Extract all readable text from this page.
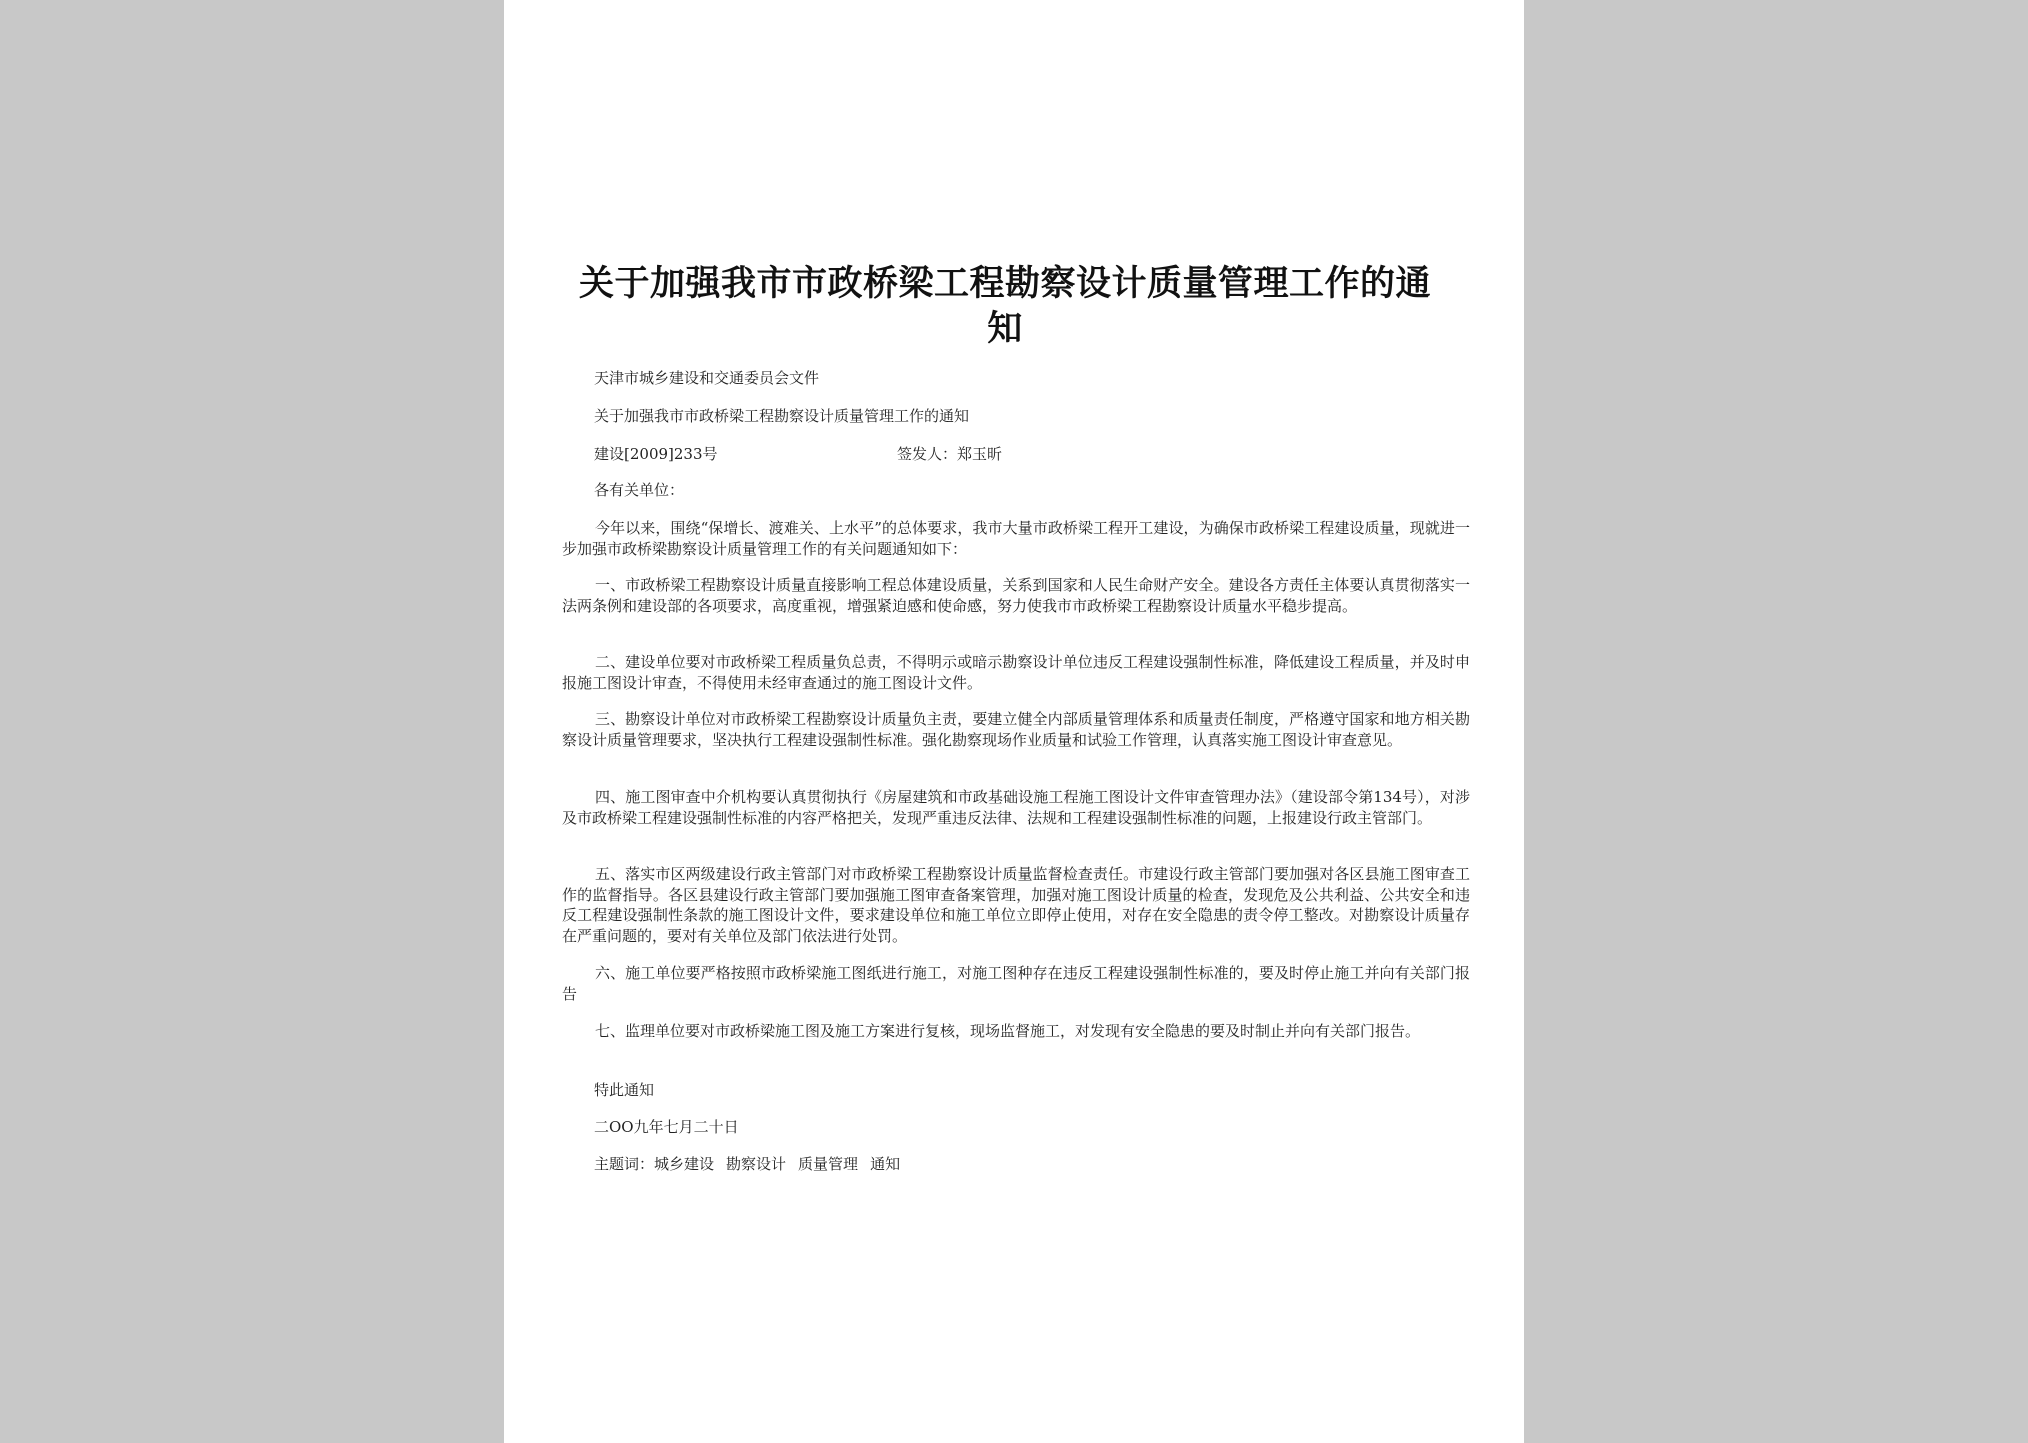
关于加强我市市政桥梁工程勘察设计质量管理工作的通知

天津市城乡建设和交通委员会文件

关于加强我市市政桥梁工程勘察设计质量管理工作的通知

建设[2009]233号	签发人：郑玉昕

各有关单位：

今年以来，围绕“保增长、渡难关、上水平”的总体要求，我市大量市政桥梁工程开工建设，为确保市政桥梁工程建设质量，现就进一步加强市政桥梁勘察设计质量管理工作的有关问题通知如下：

一、市政桥梁工程勘察设计质量直接影响工程总体建设质量，关系到国家和人民生命财产安全。建设各方责任主体要认真贯彻落实一法两条例和建设部的各项要求，高度重视，增强紧迫感和使命感，努力使我市市政桥梁工程勘察设计质量水平稳步提高。

二、建设单位要对市政桥梁工程质量负总责，不得明示或暗示勘察设计单位违反工程建设强制性标准，降低建设工程质量，并及时申报施工图设计审查，不得使用未经审查通过的施工图设计文件。

三、勘察设计单位对市政桥梁工程勘察设计质量负主责，要建立健全内部质量管理体系和质量责任制度，严格遵守国家和地方相关勘察设计质量管理要求，坚决执行工程建设强制性标准。强化勘察现场作业质量和试验工作管理，认真落实施工图设计审查意见。

四、施工图审查中介机构要认真贯彻执行《房屋建筑和市政基础设施工程施工图设计文件审查管理办法》（建设部令第134号），对涉及市政桥梁工程建设强制性标准的内容严格把关，发现严重违反法律、法规和工程建设强制性标准的问题，上报建设行政主管部门。

五、落实市区两级建设行政主管部门对市政桥梁工程勘察设计质量监督检查责任。市建设行政主管部门要加强对各区县施工图审查工作的监督指导。各区县建设行政主管部门要加强施工图审查备案管理，加强对施工图设计质量的检查，发现危及公共利益、公共安全和违反工程建设强制性条款的施工图设计文件，要求建设单位和施工单位立即停止使用，对存在安全隐患的责令停工整改。对勘察设计质量存在严重问题的，要对有关单位及部门依法进行处罚。

六、施工单位要严格按照市政桥梁施工图纸进行施工，对施工图种存在违反工程建设强制性标准的，要及时停止施工并向有关部门报告

七、监理单位要对市政桥梁施工图及施工方案进行复核，现场监督施工，对发现有安全隐患的要及时制止并向有关部门报告。

特此通知

二OO九年七月二十日

主题词：城乡建设 勘察设计 质量管理 通知
